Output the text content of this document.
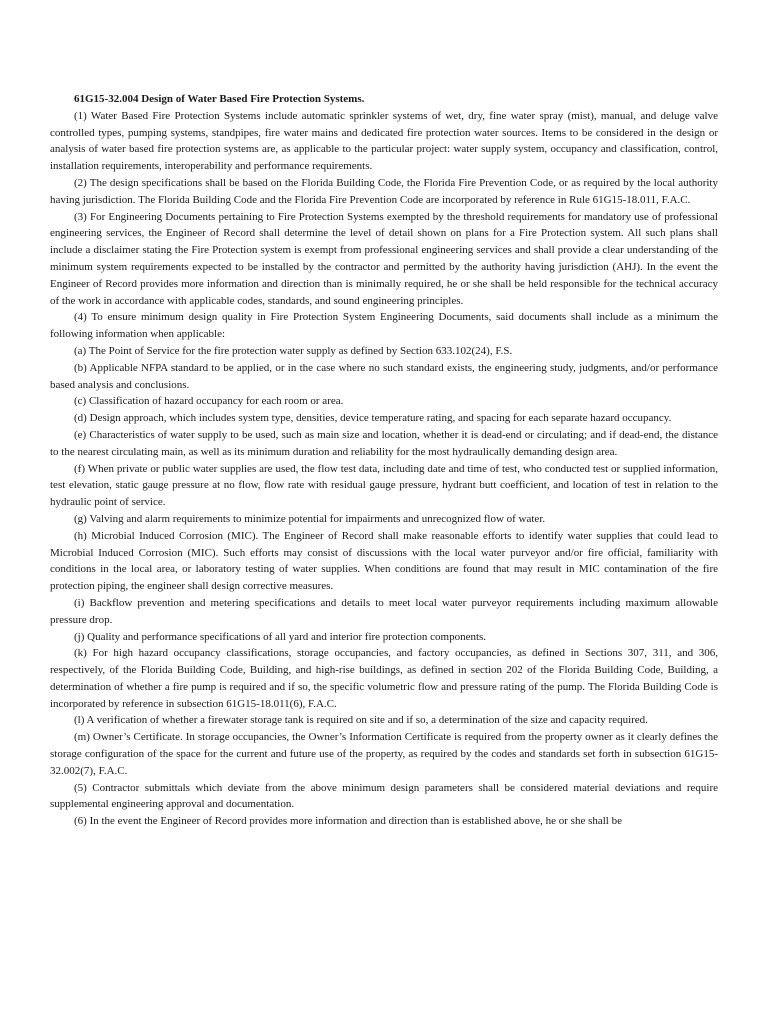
61G15-32.004 Design of Water Based Fire Protection Systems.

(1) Water Based Fire Protection Systems include automatic sprinkler systems of wet, dry, fine water spray (mist), manual, and deluge valve controlled types, pumping systems, standpipes, fire water mains and dedicated fire protection water sources. Items to be considered in the design or analysis of water based fire protection systems are, as applicable to the particular project: water supply system, occupancy and classification, control, installation requirements, interoperability and performance requirements.

(2) The design specifications shall be based on the Florida Building Code, the Florida Fire Prevention Code, or as required by the local authority having jurisdiction. The Florida Building Code and the Florida Fire Prevention Code are incorporated by reference in Rule 61G15-18.011, F.A.C.

(3) For Engineering Documents pertaining to Fire Protection Systems exempted by the threshold requirements for mandatory use of professional engineering services, the Engineer of Record shall determine the level of detail shown on plans for a Fire Protection system. All such plans shall include a disclaimer stating the Fire Protection system is exempt from professional engineering services and shall provide a clear understanding of the minimum system requirements expected to be installed by the contractor and permitted by the authority having jurisdiction (AHJ). In the event the Engineer of Record provides more information and direction than is minimally required, he or she shall be held responsible for the technical accuracy of the work in accordance with applicable codes, standards, and sound engineering principles.

(4) To ensure minimum design quality in Fire Protection System Engineering Documents, said documents shall include as a minimum the following information when applicable:

(a) The Point of Service for the fire protection water supply as defined by Section 633.102(24), F.S.

(b) Applicable NFPA standard to be applied, or in the case where no such standard exists, the engineering study, judgments, and/or performance based analysis and conclusions.

(c) Classification of hazard occupancy for each room or area.

(d) Design approach, which includes system type, densities, device temperature rating, and spacing for each separate hazard occupancy.

(e) Characteristics of water supply to be used, such as main size and location, whether it is dead-end or circulating; and if dead-end, the distance to the nearest circulating main, as well as its minimum duration and reliability for the most hydraulically demanding design area.

(f) When private or public water supplies are used, the flow test data, including date and time of test, who conducted test or supplied information, test elevation, static gauge pressure at no flow, flow rate with residual gauge pressure, hydrant butt coefficient, and location of test in relation to the hydraulic point of service.

(g) Valving and alarm requirements to minimize potential for impairments and unrecognized flow of water.

(h) Microbial Induced Corrosion (MIC). The Engineer of Record shall make reasonable efforts to identify water supplies that could lead to Microbial Induced Corrosion (MIC). Such efforts may consist of discussions with the local water purveyor and/or fire official, familiarity with conditions in the local area, or laboratory testing of water supplies. When conditions are found that may result in MIC contamination of the fire protection piping, the engineer shall design corrective measures.

(i) Backflow prevention and metering specifications and details to meet local water purveyor requirements including maximum allowable pressure drop.

(j) Quality and performance specifications of all yard and interior fire protection components.

(k) For high hazard occupancy classifications, storage occupancies, and factory occupancies, as defined in Sections 307, 311, and 306, respectively, of the Florida Building Code, Building, and high-rise buildings, as defined in section 202 of the Florida Building Code, Building, a determination of whether a fire pump is required and if so, the specific volumetric flow and pressure rating of the pump. The Florida Building Code is incorporated by reference in subsection 61G15-18.011(6), F.A.C.

(l) A verification of whether a firewater storage tank is required on site and if so, a determination of the size and capacity required.

(m) Owner’s Certificate. In storage occupancies, the Owner’s Information Certificate is required from the property owner as it clearly defines the storage configuration of the space for the current and future use of the property, as required by the codes and standards set forth in subsection 61G15-32.002(7), F.A.C.

(5) Contractor submittals which deviate from the above minimum design parameters shall be considered material deviations and require supplemental engineering approval and documentation.

(6) In the event the Engineer of Record provides more information and direction than is established above, he or she shall be
